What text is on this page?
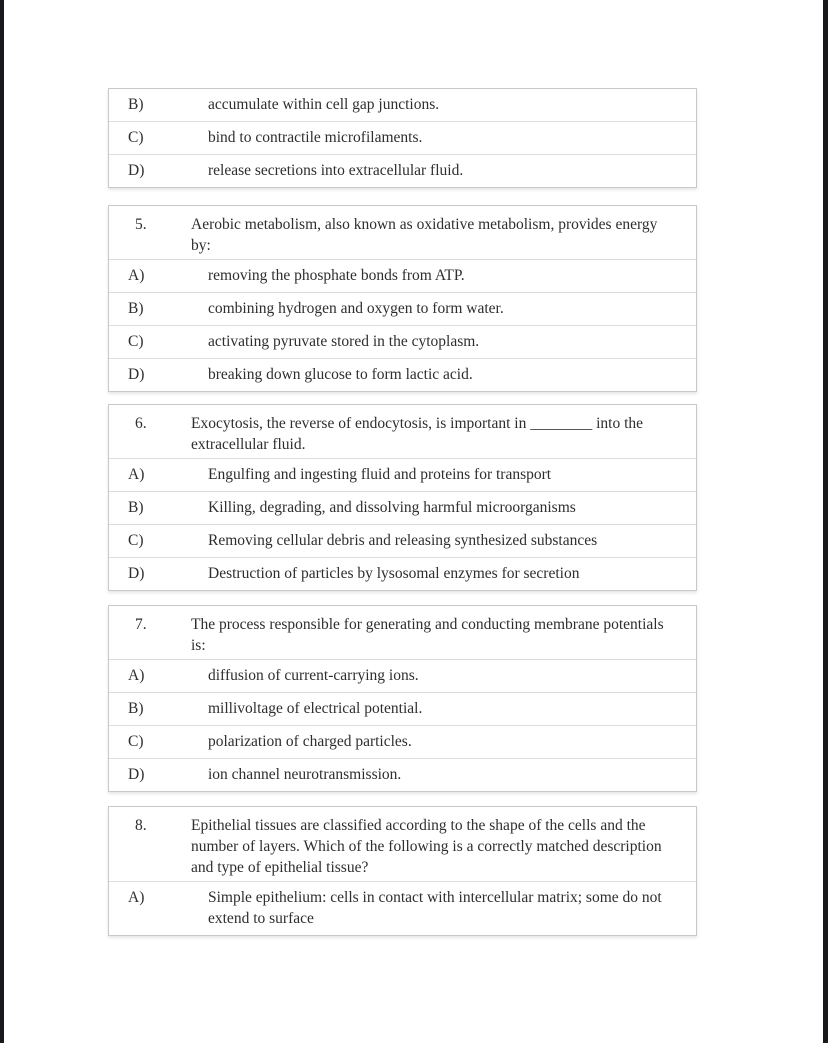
B)	accumulate within cell gap junctions.
C)	bind to contractile microfilaments.
D)	release secretions into extracellular fluid.
5.	Aerobic metabolism, also known as oxidative metabolism, provides energy by:
A)	removing the phosphate bonds from ATP.
B)	combining hydrogen and oxygen to form water.
C)	activating pyruvate stored in the cytoplasm.
D)	breaking down glucose to form lactic acid.
6.	Exocytosis, the reverse of endocytosis, is important in ________ into the extracellular fluid.
A)	Engulfing and ingesting fluid and proteins for transport
B)	Killing, degrading, and dissolving harmful microorganisms
C)	Removing cellular debris and releasing synthesized substances
D)	Destruction of particles by lysosomal enzymes for secretion
7.	The process responsible for generating and conducting membrane potentials is:
A)	diffusion of current-carrying ions.
B)	millivoltage of electrical potential.
C)	polarization of charged particles.
D)	ion channel neurotransmission.
8.	Epithelial tissues are classified according to the shape of the cells and the number of layers. Which of the following is a correctly matched description and type of epithelial tissue?
A)	Simple epithelium: cells in contact with intercellular matrix; some do not extend to surface
